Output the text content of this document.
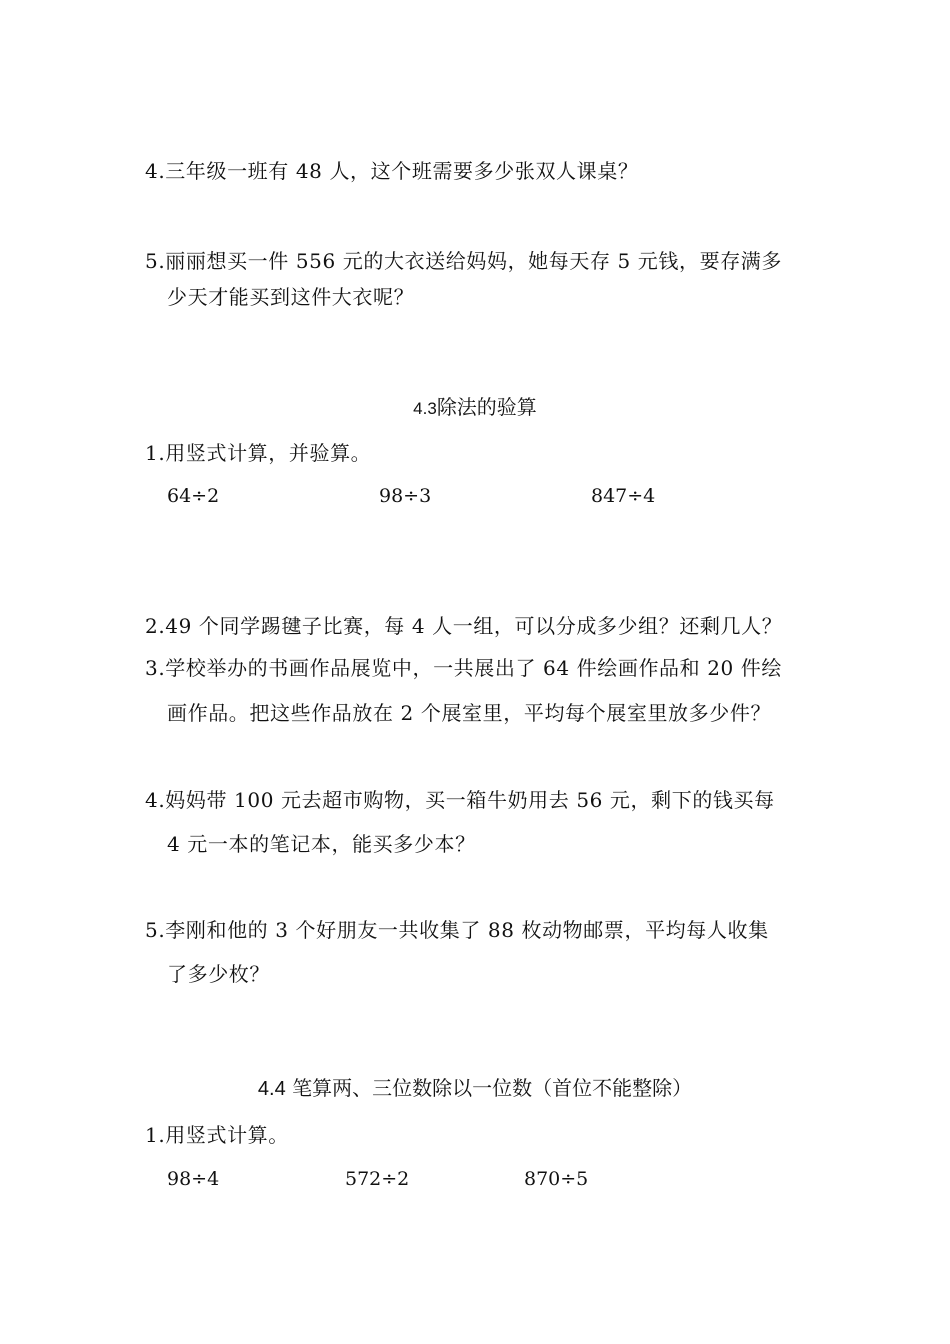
4.三年级一班有 48 人，这个班需要多少张双人课桌？
5.丽丽想买一件 556 元的大衣送给妈妈，她每天存 5 元钱，要存满多
少天才能买到这件大衣呢？
4.3除法的验算
1.用竖式计算，并验算。
64÷2	98÷3	847÷4
2.49 个同学踢毽子比赛，每 4 人一组，可以分成多少组？还剩几人？
3.学校举办的书画作品展览中，一共展出了 64 件绘画作品和 20 件绘
画作品。把这些作品放在 2 个展室里，平均每个展室里放多少件？
4.妈妈带 100 元去超市购物，买一箱牛奶用去 56 元，剩下的钱买每
4 元一本的笔记本，能买多少本？
5.李刚和他的 3 个好朋友一共收集了 88 枚动物邮票，平均每人收集
了多少枚？
4.4 笔算两、三位数除以一位数（首位不能整除）
1.用竖式计算。
98÷4	572÷2	870÷5
